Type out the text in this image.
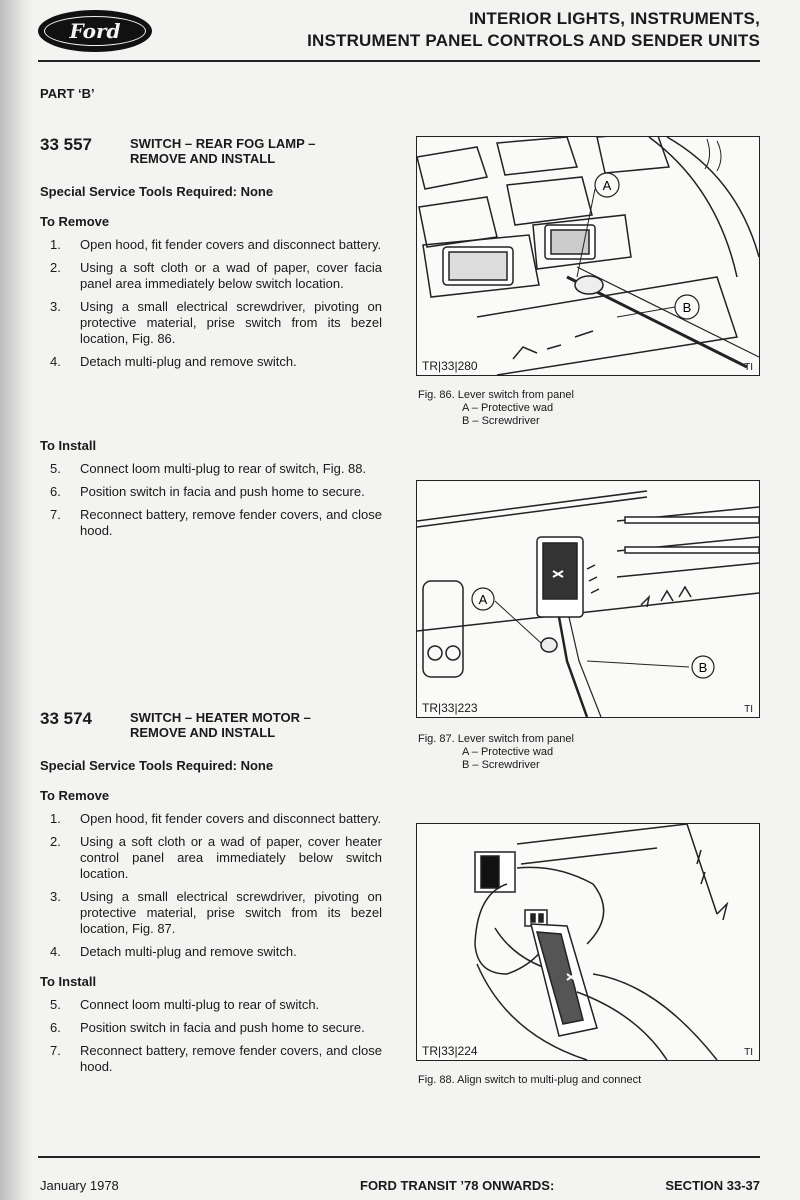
Ford
INTERIOR LIGHTS, INSTRUMENTS,
INSTRUMENT PANEL CONTROLS AND SENDER UNITS
PART ‘B’
33 557	SWITCH – REAR FOG LAMP –
REMOVE AND INSTALL
Special Service Tools Required: None
To Remove
1.	Open hood, fit fender covers and disconnect battery.
2.	Using a soft cloth or a wad of paper, cover facia panel area immediately below switch location.
3.	Using a small electrical screwdriver, pivoting on protective material, prise switch from its bezel location, Fig. 86.
4.	Detach multi-plug and remove switch.
To Install
5.	Connect loom multi-plug to rear of switch, Fig. 88.
6.	Position switch in facia and push home to secure.
7.	Reconnect battery, remove fender covers, and close hood.
33 574	SWITCH – HEATER MOTOR –
REMOVE AND INSTALL
Special Service Tools Required: None
To Remove
1.	Open hood, fit fender covers and disconnect battery.
2.	Using a soft cloth or a wad of paper, cover heater control panel area immediately below switch location.
3.	Using a small electrical screwdriver, pivoting on protective material, prise switch from its bezel location, Fig. 87.
4.	Detach multi-plug and remove switch.
To Install
5.	Connect loom multi-plug to rear of switch.
6.	Position switch in facia and push home to secure.
7.	Reconnect battery, remove fender covers, and close hood.
A
B
TR|33|280	TI
Fig. 86. Lever switch from panel
A – Protective wad
B – Screwdriver
A
B
TR|33|223	TI
Fig. 87. Lever switch from panel
A – Protective wad
B – Screwdriver
TR|33|224	TI
Fig. 88. Align switch to multi-plug and connect
January 1978	FORD TRANSIT ’78 ONWARDS:	SECTION 33-37
